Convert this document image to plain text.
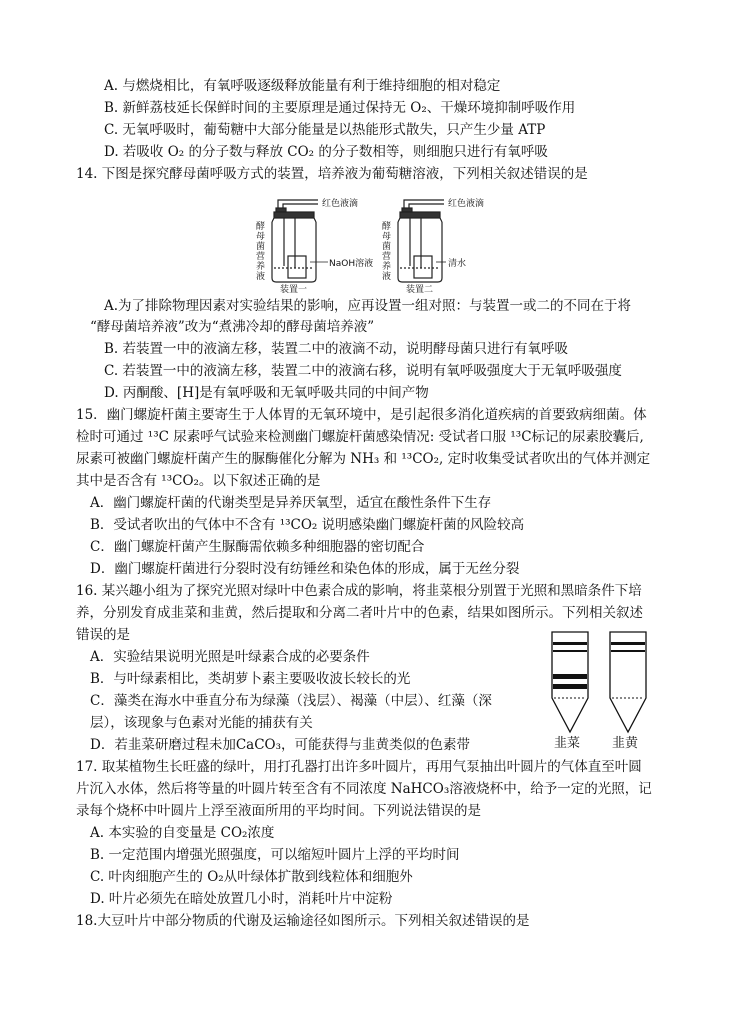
A. 与燃烧相比，有氧呼吸逐级释放能量有利于维持细胞的相对稳定
B. 新鲜荔枝延长保鲜时间的主要原理是通过保持无 O₂、干燥环境抑制呼吸作用
C. 无氧呼吸时，葡萄糖中大部分能量是以热能形式散失，只产生少量 ATP
D. 若吸收 O₂ 的分子数与释放 CO₂ 的分子数相等，则细胞只进行有氧呼吸
14. 下图是探究酵母菌呼吸方式的装置，培养液为葡萄糖溶液，下列相关叙述错误的是
红色液滴	红色液滴
酵母菌营养液
酵母菌营养液
NaOH溶液	清水
装置一	装置二
A.为了排除物理因素对实验结果的影响，应再设置一组对照：与装置一或二的不同在于将
“酵母菌培养液”改为“煮沸冷却的酵母菌培养液”
B. 若装置一中的液滴左移，装置二中的液滴不动，说明酵母菌只进行有氧呼吸
C. 若装置一中的液滴左移，装置二中的液滴右移，说明有氧呼吸强度大于无氧呼吸强度
D. 丙酮酸、[H]是有氧呼吸和无氧呼吸共同的中间产物
15．幽门螺旋杆菌主要寄生于人体胃的无氧环境中，是引起很多消化道疾病的首要致病细菌。体
检时可通过 ¹³C 尿素呼气试验来检测幽门螺旋杆菌感染情况: 受试者口服 ¹³C标记的尿素胶囊后,
尿素可被幽门螺旋杆菌产生的脲酶催化分解为 NH₃ 和 ¹³CO₂, 定时收集受试者吹出的气体并测定
其中是否含有 ¹³CO₂。以下叙述正确的是
A．幽门螺旋杆菌的代谢类型是异养厌氧型，适宜在酸性条件下生存
B．受试者吹出的气体中不含有 ¹³CO₂ 说明感染幽门螺旋杆菌的风险较高
C．幽门螺旋杆菌产生脲酶需依赖多种细胞器的密切配合
D．幽门螺旋杆菌进行分裂时没有纺锤丝和染色体的形成，属于无丝分裂
16. 某兴趣小组为了探究光照对绿叶中色素合成的影响，将韭菜根分别置于光照和黑暗条件下培
养，分别发育成韭菜和韭黄，然后提取和分离二者叶片中的色素，结果如图所示。下列相关叙述
错误的是
A．实验结果说明光照是叶绿素合成的必要条件
B．与叶绿素相比，类胡萝卜素主要吸收波长较长的光
C．藻类在海水中垂直分布为绿藻（浅层）、褐藻（中层）、红藻（深
层），该现象与色素对光能的捕获有关
D．若韭菜研磨过程未加CaCO₃，可能获得与韭黄类似的色素带	韭菜 韭黄
17. 取某植物生长旺盛的绿叶，用打孔器打出许多叶圆片，再用气泵抽出叶圆片的气体直至叶圆
片沉入水体，然后将等量的叶圆片转至含有不同浓度 NaHCO₃溶液烧杯中，给予一定的光照，记
录每个烧杯中叶圆片上浮至液面所用的平均时间。下列说法错误的是
A. 本实验的自变量是 CO₂浓度
B. 一定范围内增强光照强度，可以缩短叶圆片上浮的平均时间
C. 叶肉细胞产生的 O₂从叶绿体扩散到线粒体和细胞外
D. 叶片必须先在暗处放置几小时，消耗叶片中淀粉
18.大豆叶片中部分物质的代谢及运输途径如图所示。下列相关叙述错误的是
